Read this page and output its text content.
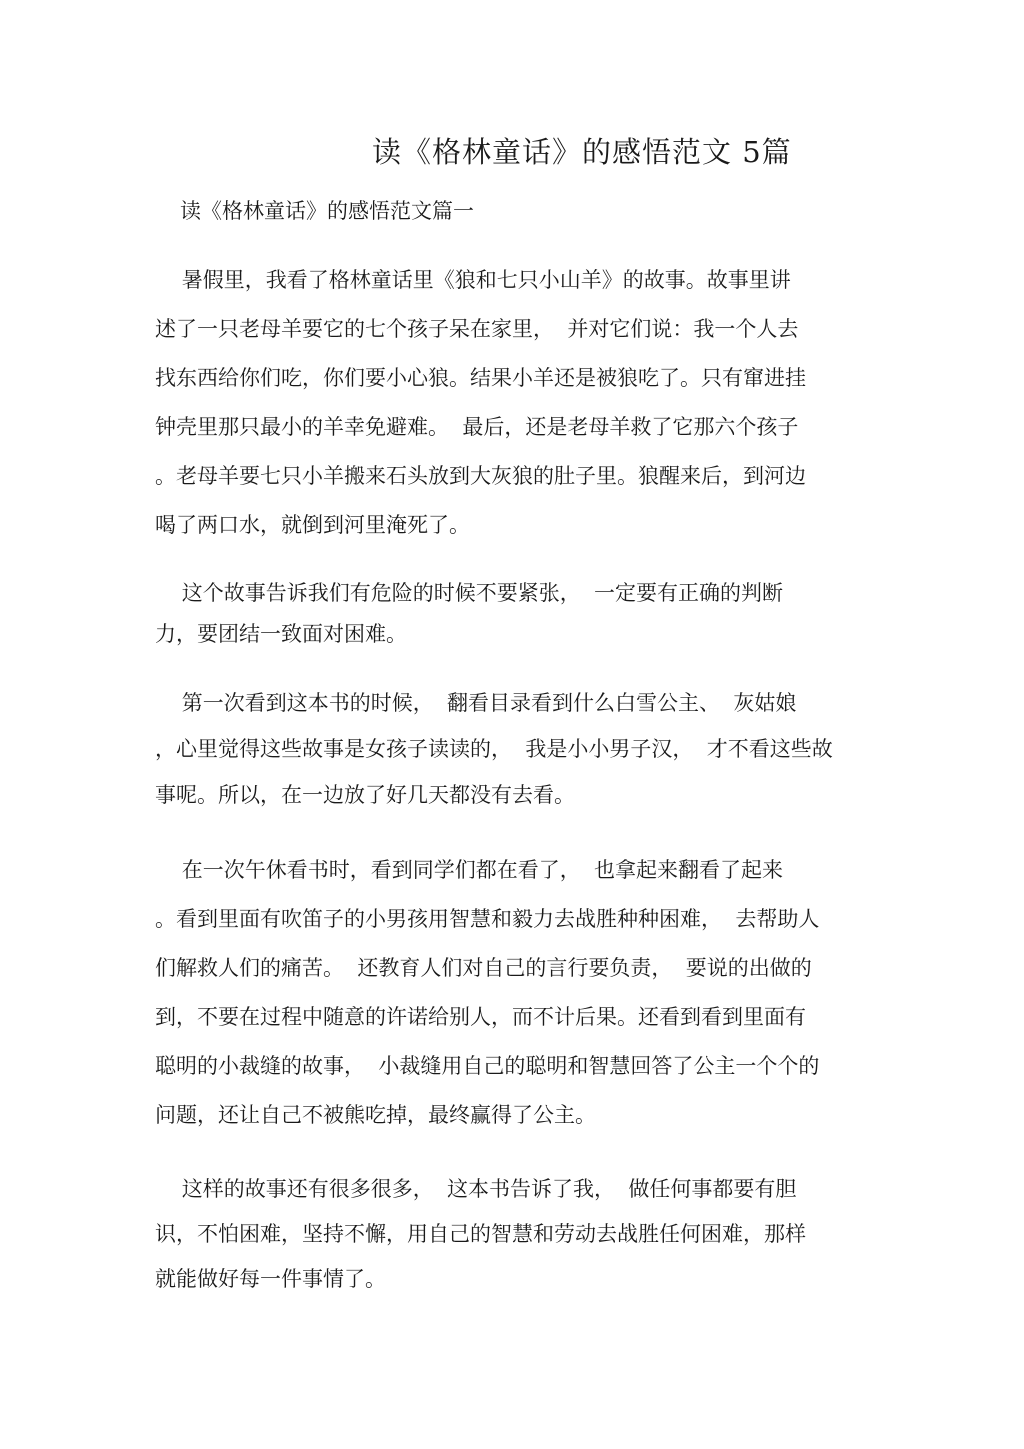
读《格林童话》的感悟范文 5篇
读《格林童话》的感悟范文篇一
暑假里，我看了格林童话里《狼和七只小山羊》的故事。故事里讲
述了一只老母羊要它的七个孩子呆在家里，  并对它们说：我一个人去
找东西给你们吃，你们要小心狼。结果小羊还是被狼吃了。只有窜进挂
钟壳里那只最小的羊幸免避难。  最后，还是老母羊救了它那六个孩子
。老母羊要七只小羊搬来石头放到大灰狼的肚子里。狼醒来后，到河边
喝了两口水，就倒到河里淹死了。
这个故事告诉我们有危险的时候不要紧张，  一定要有正确的判断
力，要团结一致面对困难。
第一次看到这本书的时候，  翻看目录看到什么白雪公主、  灰姑娘
，心里觉得这些故事是女孩子读读的，  我是小小男子汉，  才不看这些故
事呢。所以，在一边放了好几天都没有去看。
在一次午休看书时，看到同学们都在看了，  也拿起来翻看了起来
。看到里面有吹笛子的小男孩用智慧和毅力去战胜种种困难，  去帮助人
们解救人们的痛苦。  还教育人们对自己的言行要负责，  要说的出做的
到，不要在过程中随意的许诺给别人，而不计后果。还看到看到里面有
聪明的小裁缝的故事，  小裁缝用自己的聪明和智慧回答了公主一个个的
问题，还让自己不被熊吃掉，最终赢得了公主。
这样的故事还有很多很多，  这本书告诉了我，  做任何事都要有胆
识，不怕困难，坚持不懈，用自己的智慧和劳动去战胜任何困难，那样
就能做好每一件事情了。
